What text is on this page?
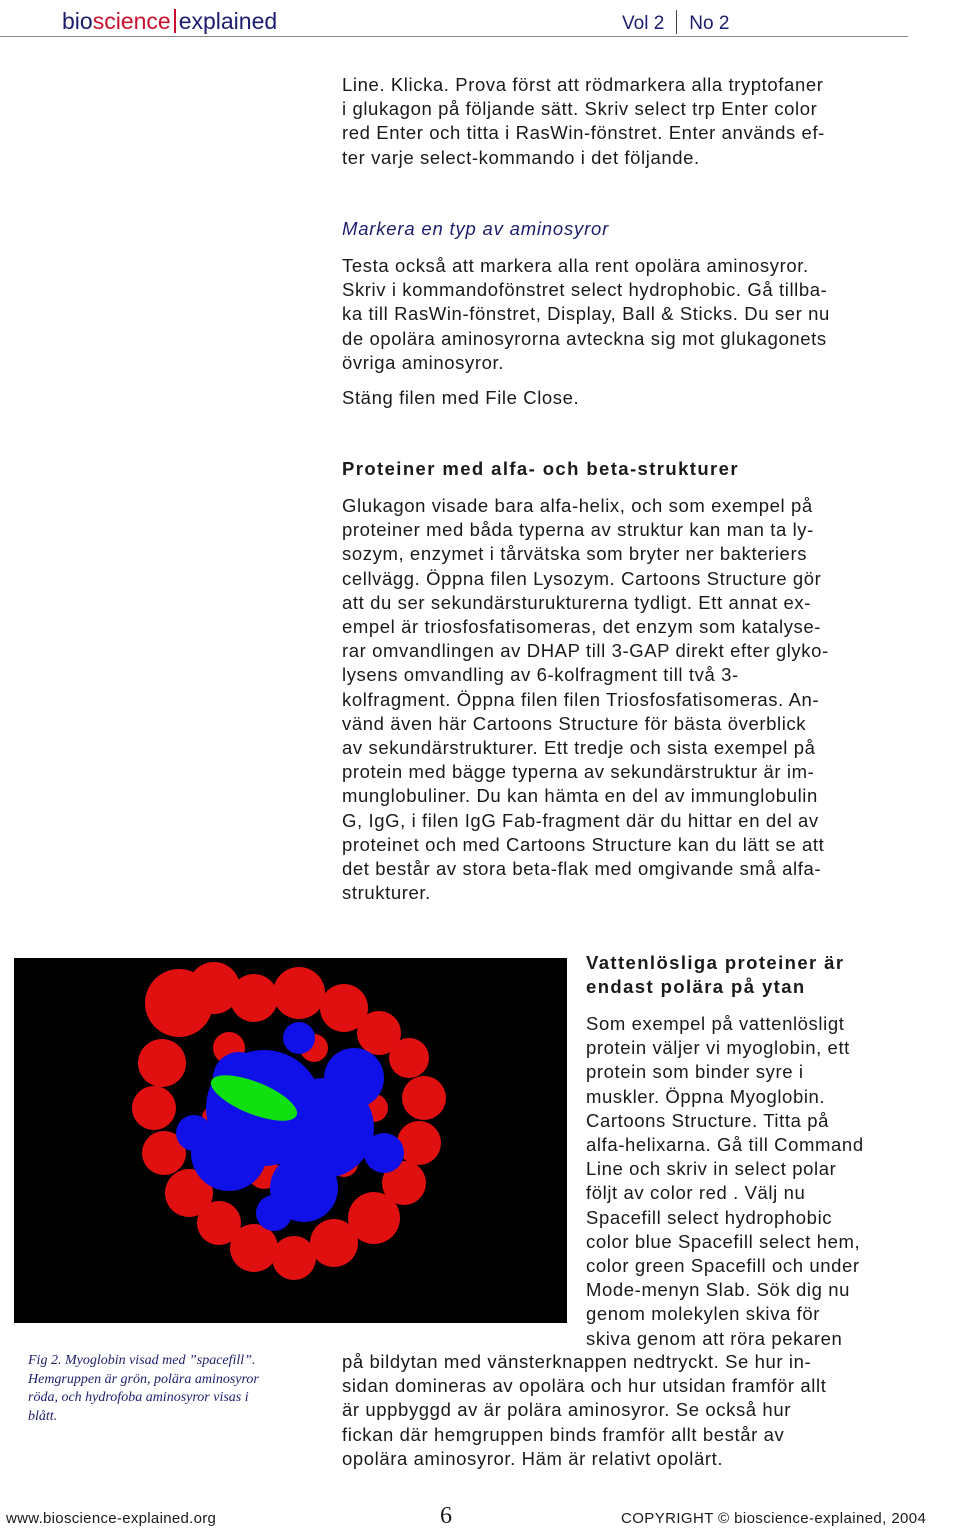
bioscience explained	Vol 2 No 2

Line. Klicka. Prova först att rödmarkera alla tryptofaner
i glukagon på följande sätt. Skriv select trp Enter color
red Enter och titta i RasWin-fönstret. Enter används ef-
ter varje select-kommando i det följande.

Markera en typ av aminosyror

Testa också att markera alla rent opolära aminosyror.
Skriv i kommandofönstret select hydrophobic. Gå tillba-
ka till RasWin-fönstret, Display, Ball & Sticks. Du ser nu
de opolära aminosyrorna avteckna sig mot glukagonets
övriga aminosyror.

Stäng filen med File Close.

Proteiner med alfa- och beta-strukturer

Glukagon visade bara alfa-helix, och som exempel på
proteiner med båda typerna av struktur kan man ta ly-
sozym, enzymet i tårvätska som bryter ner bakteriers
cellvägg. Öppna filen Lysozym. Cartoons Structure gör
att du ser sekundärsturukturerna tydligt. Ett annat ex-
empel är triosfosfatisomeras, det enzym som katalyse-
rar omvandlingen av DHAP till 3-GAP direkt efter glyko-
lysens omvandling av 6-kolfragment till två 3-
kolfragment. Öppna filen filen Triosfosfatisomeras. An-
vänd även här Cartoons Structure för bästa överblick
av sekundärstrukturer. Ett tredje och sista exempel på
protein med bägge typerna av sekundärstruktur är im-
munglobuliner. Du kan hämta en del av immunglobulin
G, IgG, i filen IgG Fab-fragment där du hittar en del av
proteinet och med Cartoons Structure kan du lätt se att
det består av stora beta-flak med omgivande små alfa-
strukturer.

Fig 2. Myoglobin visad med ”spacefill”.
Hemgruppen är grön, polära aminosyror
röda, och hydrofoba aminosyror visas i
blått.
Vattenlösliga proteiner är
endast polära på ytan

Som exempel på vattenlösligt
protein väljer vi myoglobin, ett
protein som binder syre i
muskler. Öppna Myoglobin.
Cartoons Structure. Titta på
alfa-helixarna. Gå till Command
Line och skriv in select polar
följt av color red . Välj nu
Spacefill select hydrophobic
color blue Spacefill select hem,
color green Spacefill och under
Mode-menyn Slab. Sök dig nu
genom molekylen skiva för
skiva genom att röra pekaren

på bildytan med vänsterknappen nedtryckt. Se hur in-
sidan domineras av opolära och hur utsidan framför allt
är uppbyggd av är polära aminosyror. Se också hur
fickan där hemgruppen binds framför allt består av
opolära aminosyror. Häm är relativt opolärt.

www.bioscience-explained.org	6	COPYRIGHT © bioscience-explained, 2004
